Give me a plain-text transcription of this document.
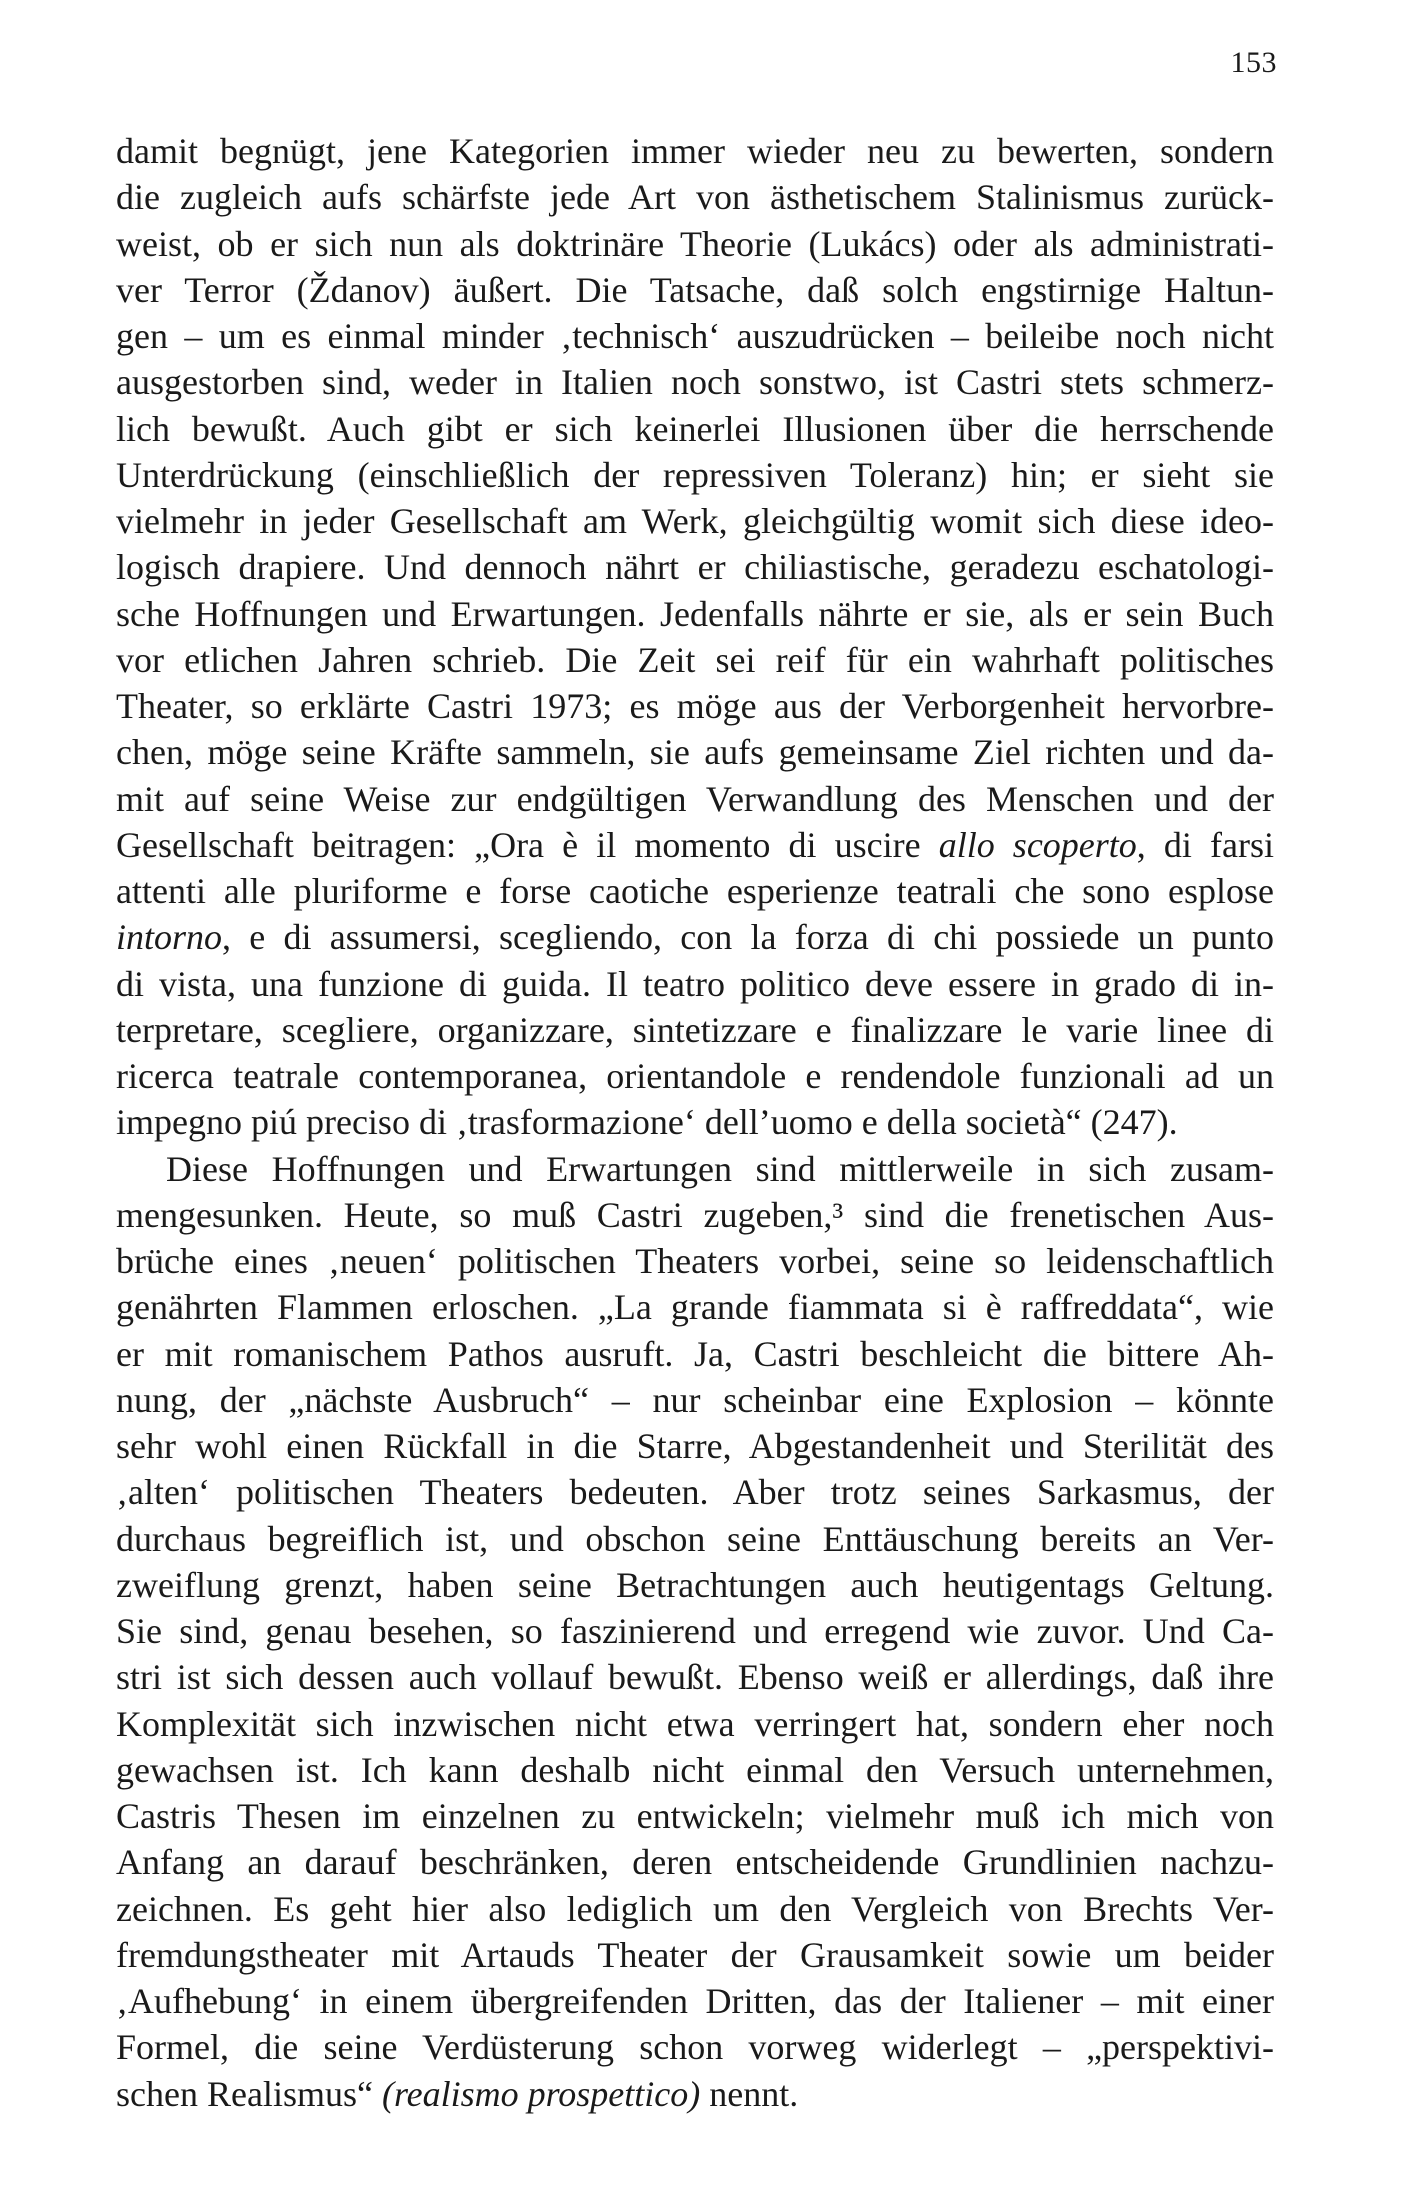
153
damit begnügt, jene Kategorien immer wieder neu zu bewerten, sondern
die zugleich aufs schärfste jede Art von ästhetischem Stalinismus zurück-
weist, ob er sich nun als doktrinäre Theorie (Lukács) oder als administrati-
ver Terror (Ždanov) äußert. Die Tatsache, daß solch engstirnige Haltun-
gen – um es einmal minder ‚technisch‘ auszudrücken – beileibe noch nicht
ausgestorben sind, weder in Italien noch sonstwo, ist Castri stets schmerz-
lich bewußt. Auch gibt er sich keinerlei Illusionen über die herrschende
Unterdrückung (einschließlich der repressiven Toleranz) hin; er sieht sie
vielmehr in jeder Gesellschaft am Werk, gleichgültig womit sich diese ideo-
logisch drapiere. Und dennoch nährt er chiliastische, geradezu eschatologi-
sche Hoffnungen und Erwartungen. Jedenfalls nährte er sie, als er sein Buch
vor etlichen Jahren schrieb. Die Zeit sei reif für ein wahrhaft politisches
Theater, so erklärte Castri 1973; es möge aus der Verborgenheit hervorbre-
chen, möge seine Kräfte sammeln, sie aufs gemeinsame Ziel richten und da-
mit auf seine Weise zur endgültigen Verwandlung des Menschen und der
Gesellschaft beitragen: „Ora è il momento di uscire allo scoperto, di farsi
attenti alle pluriforme e forse caotiche esperienze teatrali che sono esplose
intorno, e di assumersi, scegliendo, con la forza di chi possiede un punto
di vista, una funzione di guida. Il teatro politico deve essere in grado di in-
terpretare, scegliere, organizzare, sintetizzare e finalizzare le varie linee di
ricerca teatrale contemporanea, orientandole e rendendole funzionali ad un
impegno piú preciso di ‚trasformazione‘ dell’uomo e della società“ (247).
Diese Hoffnungen und Erwartungen sind mittlerweile in sich zusam-
mengesunken. Heute, so muß Castri zugeben,³ sind die frenetischen Aus-
brüche eines ‚neuen‘ politischen Theaters vorbei, seine so leidenschaftlich
genährten Flammen erloschen. „La grande fiammata si è raffreddata“, wie
er mit romanischem Pathos ausruft. Ja, Castri beschleicht die bittere Ah-
nung, der „nächste Ausbruch“ – nur scheinbar eine Explosion – könnte
sehr wohl einen Rückfall in die Starre, Abgestandenheit und Sterilität des
‚alten‘ politischen Theaters bedeuten. Aber trotz seines Sarkasmus, der
durchaus begreiflich ist, und obschon seine Enttäuschung bereits an Ver-
zweiflung grenzt, haben seine Betrachtungen auch heutigentags Geltung.
Sie sind, genau besehen, so faszinierend und erregend wie zuvor. Und Ca-
stri ist sich dessen auch vollauf bewußt. Ebenso weiß er allerdings, daß ihre
Komplexität sich inzwischen nicht etwa verringert hat, sondern eher noch
gewachsen ist. Ich kann deshalb nicht einmal den Versuch unternehmen,
Castris Thesen im einzelnen zu entwickeln; vielmehr muß ich mich von
Anfang an darauf beschränken, deren entscheidende Grundlinien nachzu-
zeichnen. Es geht hier also lediglich um den Vergleich von Brechts Ver-
fremdungstheater mit Artauds Theater der Grausamkeit sowie um beider
‚Aufhebung‘ in einem übergreifenden Dritten, das der Italiener – mit einer
Formel, die seine Verdüsterung schon vorweg widerlegt – „perspektivi-
schen Realismus“ (realismo prospettico) nennt.
